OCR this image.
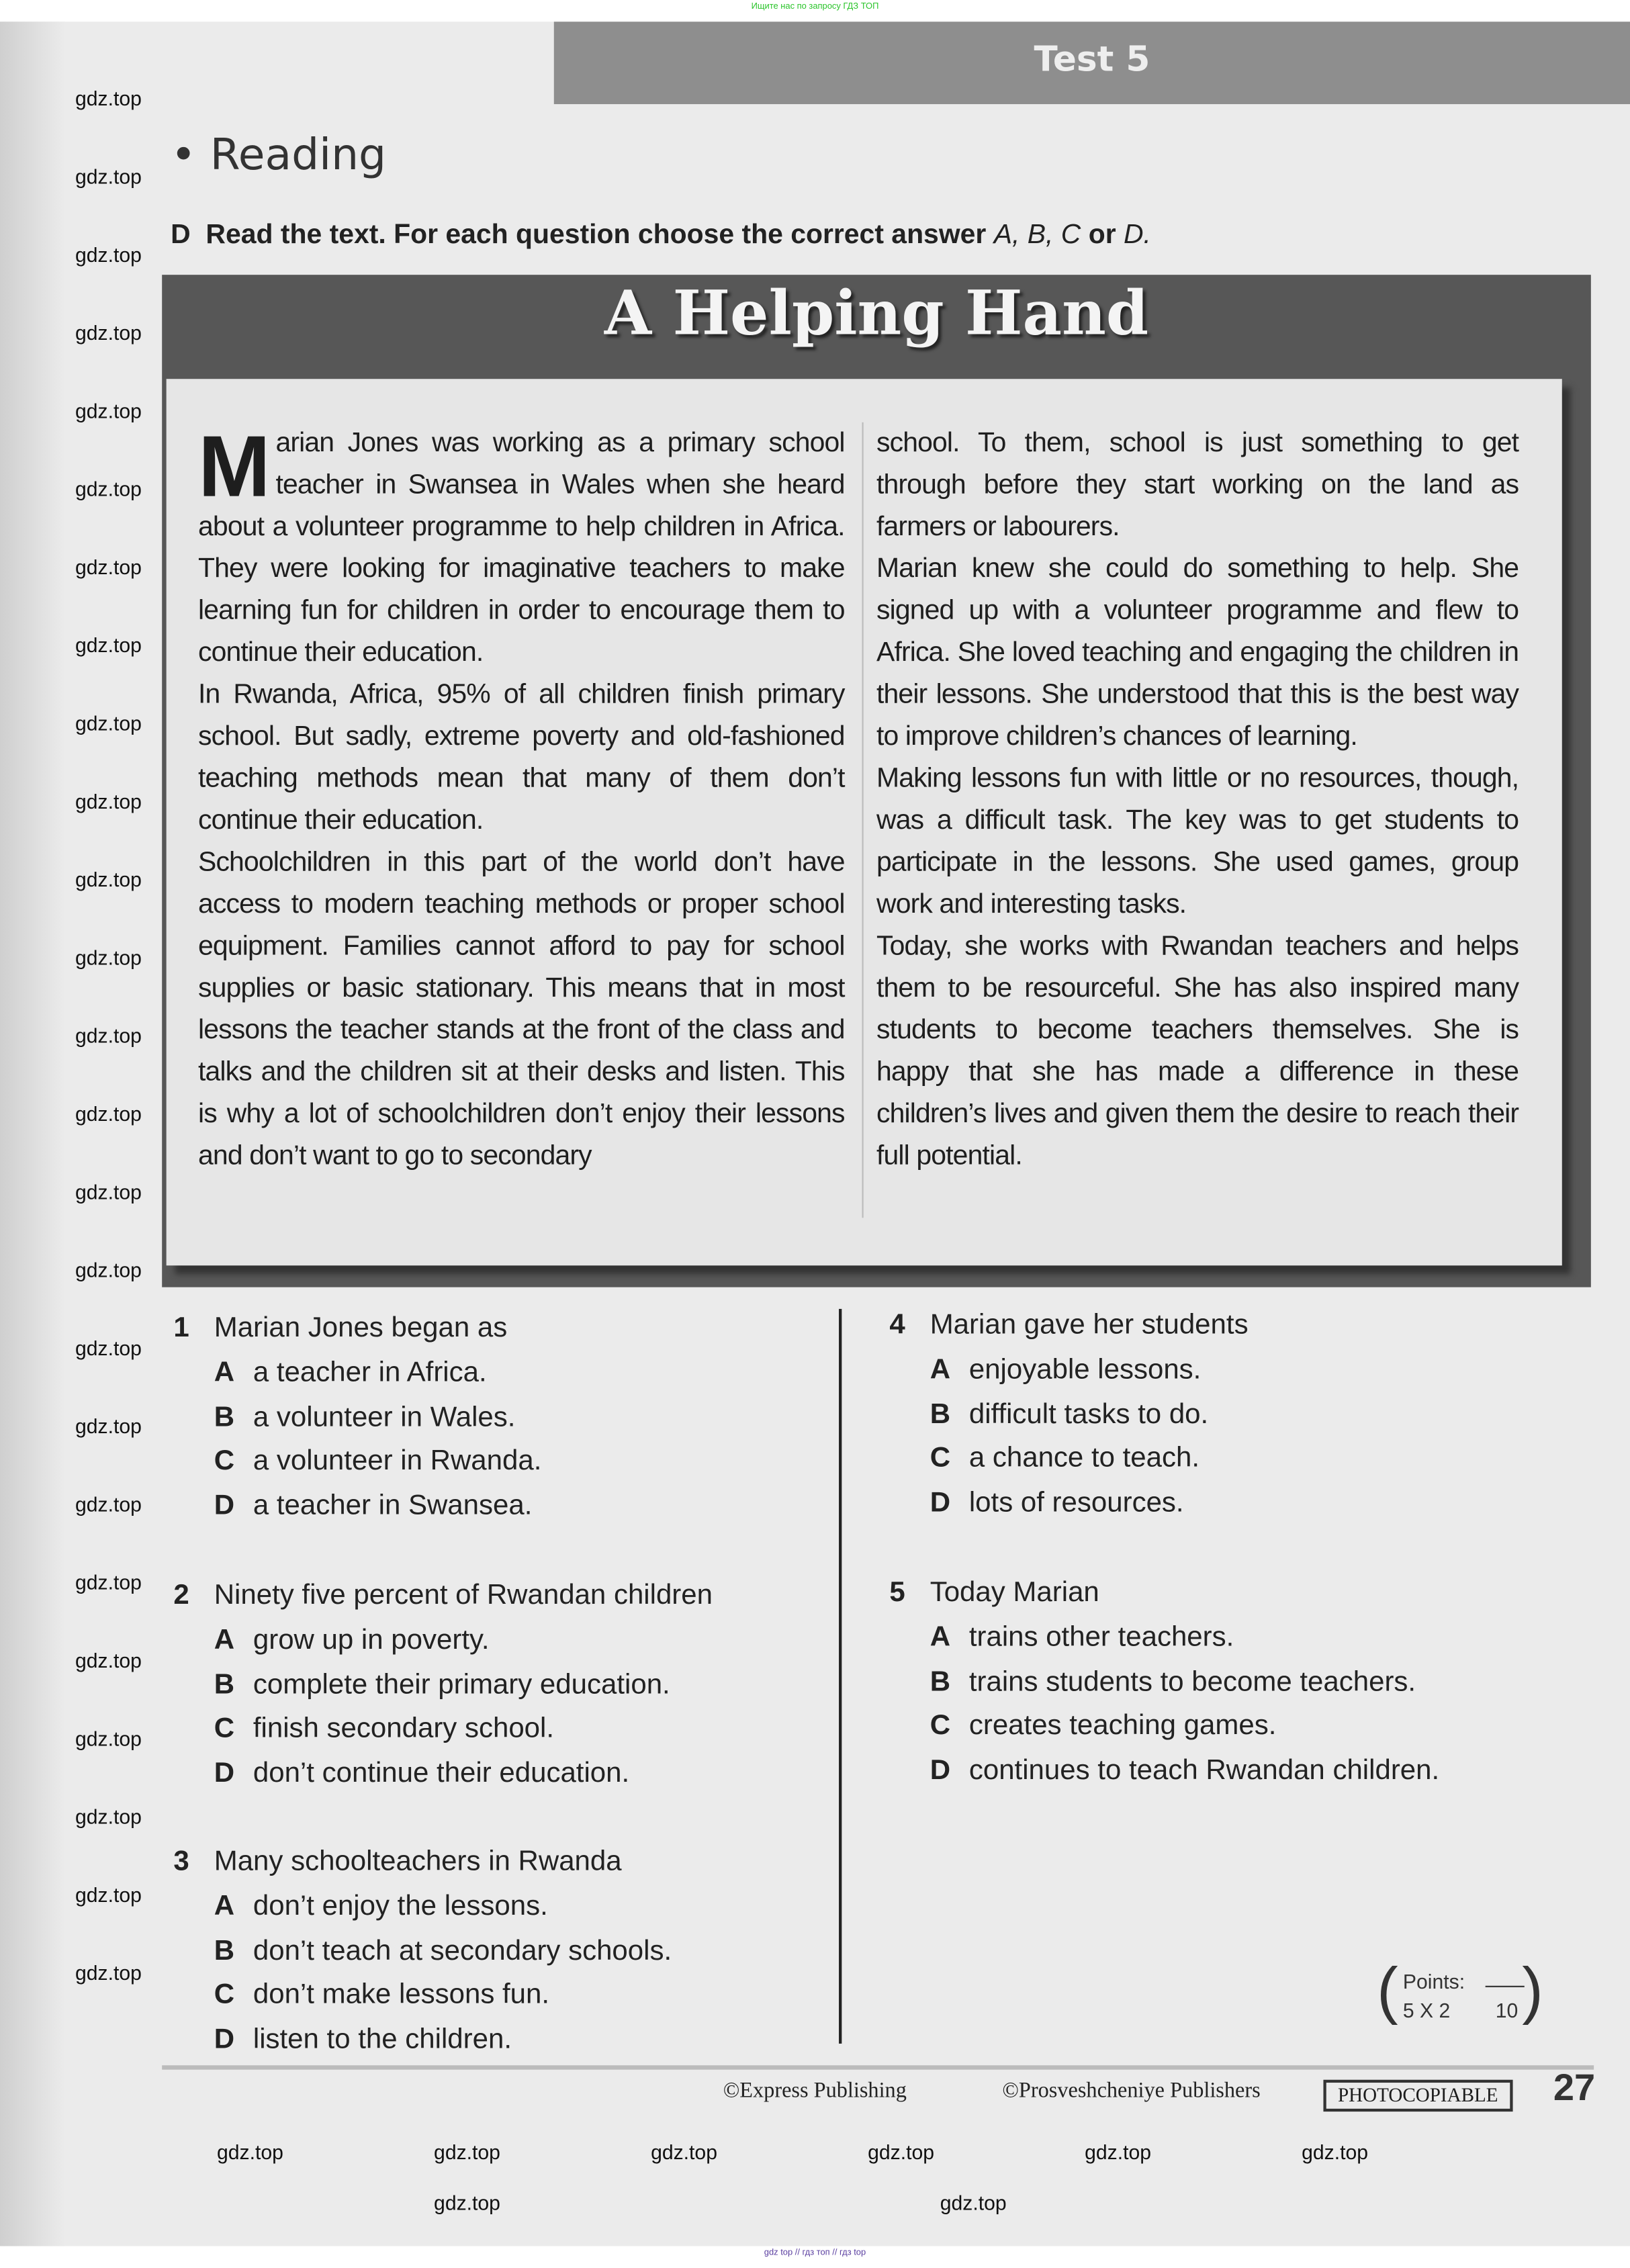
Ищите нас по запросу ГДЗ ТОП
Test 5
• Reading
D Read the text. For each question choose the correct answer A, B, C or D.
A Helping Hand

Marian Jones was working as a primary school teacher in Swansea in Wales when she heard about a volunteer programme to help children in Africa. They were looking for imaginative teachers to make learning fun for children in order to encourage them to continue their education.

In Rwanda, Africa, 95% of all children finish primary school. But sadly, extreme poverty and old-fashioned teaching methods mean that many of them don’t continue their education.

Schoolchildren in this part of the world don’t have access to modern teaching methods or proper school equipment. Families cannot afford to pay for school supplies or basic stationary. This means that in most lessons the teacher stands at the front of the class and talks and the children sit at their desks and listen. This is why a lot of schoolchildren don’t enjoy their lessons and don’t want to go to secondary

school. To them, school is just something to get through before they start working on the land as farmers or labourers.

Marian knew she could do something to help. She signed up with a volunteer programme and flew to Africa. She loved teaching and engaging the children in their lessons. She understood that this is the best way to improve children’s chances of learning.

Making lessons fun with little or no resources, though, was a difficult task. The key was to get students to participate in the lessons. She used games, group work and interesting tasks.

Today, she works with Rwandan teachers and helps them to be resourceful. She has also inspired many students to become teachers themselves. She is happy that she has made a difference in these children’s lives and given them the desire to reach their full potential.

1 Marian Jones began as
A a teacher in Africa.
B a volunteer in Wales.
C a volunteer in Rwanda.
D a teacher in Swansea.
2 Ninety five percent of Rwandan children
A grow up in poverty.
B complete their primary education.
C finish secondary school.
D don’t continue their education.
3 Many schoolteachers in Rwanda
A don’t enjoy the lessons.
B don’t teach at secondary schools.
C don’t make lessons fun.
D listen to the children.
4 Marian gave her students
A enjoyable lessons.
B difficult tasks to do.
C a chance to teach.
D lots of resources.
5 Today Marian
A trains other teachers.
B trains students to become teachers.
C creates teaching games.
D continues to teach Rwandan children.
( Points:
5 X 2	10 )
©Express Publishing	©Prosveshcheniye Publishers	PHOTOCOPIABLE	27
gdz.top
gdz.top
gdz.top
gdz.top
gdz.top
gdz.top
gdz.top
gdz.top
gdz.top
gdz.top
gdz.top
gdz.top
gdz.top
gdz.top
gdz.top
gdz.top
gdz.top
gdz.top
gdz.top
gdz.top
gdz.top
gdz.top
gdz.top
gdz.top
gdz.top
gdz.top	gdz.top	gdz.top	gdz.top	gdz.top	gdz.top
gdz.top	gdz.top
gdz top // гдз топ // гдз top
